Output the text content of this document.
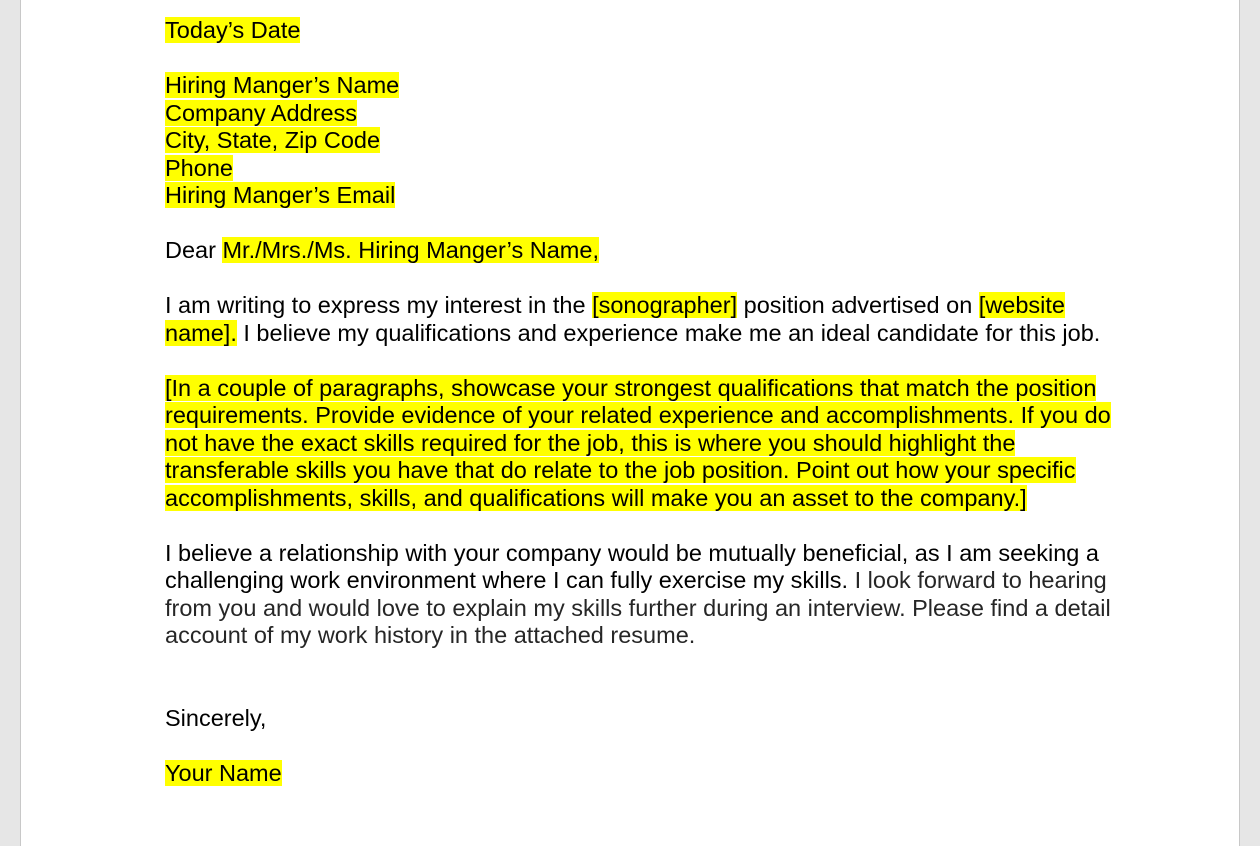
Today’s Date

Hiring Manger’s Name
Company Address
City, State, Zip Code
Phone
Hiring Manger’s Email

Dear Mr./Mrs./Ms. Hiring Manger’s Name,

I am writing to express my interest in the [sonographer] position advertised on [website name]. I believe my qualifications and experience make me an ideal candidate for this job.

[In a couple of paragraphs, showcase your strongest qualifications that match the position requirements. Provide evidence of your related experience and accomplishments. If you do not have the exact skills required for the job, this is where you should highlight the transferable skills you have that do relate to the job position. Point out how your specific accomplishments, skills, and qualifications will make you an asset to the company.]

I believe a relationship with your company would be mutually beneficial, as I am seeking a challenging work environment where I can fully exercise my skills. I look forward to hearing from you and would love to explain my skills further during an interview. Please find a detail account of my work history in the attached resume.

Sincerely,

Your Name
